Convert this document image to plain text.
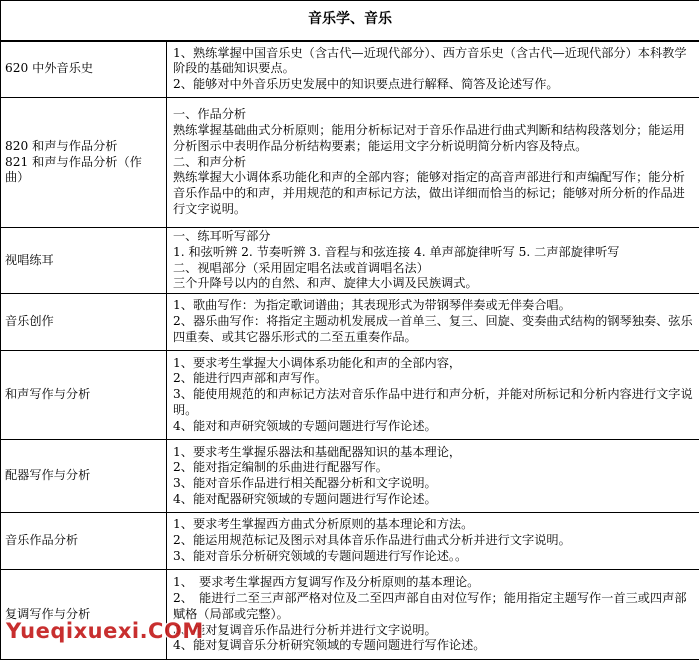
音乐学、音乐	

620 中外音乐史	1、熟练掌握中国音乐史（含古代—近现代部分）、西方音乐史（含古代—近现代部分）本科教学阶段的基础知识要点。
2、能够对中外音乐历史发展中的知识要点进行解释、简答及论述写作。

820 和声与作品分析
821 和声与作品分析（作曲）	一、作品分析
熟练掌握基础曲式分析原则；能用分析标记对于音乐作品进行曲式判断和结构段落划分；能运用分析图示中表明作品分析结构要素；能运用文字分析说明简分析内容及特点。
二、和声分析
熟练掌握大小调体系功能化和声的全部内容；能够对指定的高音声部进行和声编配写作；能分析音乐作品中的和声，并用规范的和声标记方法，做出详细而恰当的标记；能够对所分析的作品进行文字说明。

视唱练耳	一、练耳听写部分
1. 和弦听辨 2. 节奏听辨 3. 音程与和弦连接 4. 单声部旋律听写 5. 二声部旋律听写
二、视唱部分（采用固定唱名法或首调唱名法）
三个升降号以内的自然、和声、旋律大小调及民族调式。

音乐创作	1、歌曲写作：为指定歌词谱曲；其表现形式为带钢琴伴奏或无伴奏合唱。
2、器乐曲写作：将指定主题动机发展成一首单三、复三、回旋、变奏曲式结构的钢琴独奏、弦乐四重奏、或其它器乐形式的二至五重奏作品。

和声写作与分析	1、要求考生掌握大小调体系功能化和声的全部内容，
2、能进行四声部和声写作。
3、能使用规范的和声标记方法对音乐作品中进行和声分析，并能对所标记和分析内容进行文字说明。
4、能对和声研究领域的专题问题进行写作论述。

配器写作与分析	1、要求考生掌握乐器法和基础配器知识的基本理论，
2、能对指定编制的乐曲进行配器写作。
3、能对音乐作品进行相关配器分析和文字说明。
4、能对配器研究领域的专题问题进行写作论述。

音乐作品分析	1、要求考生掌握西方曲式分析原则的基本理论和方法。
2、能运用规范标记及图示对具体音乐作品进行曲式分析并进行文字说明。
3、能对音乐分析研究领域的专题问题进行写作论述。。

复调写作与分析	1、　要求考生掌握西方复调写作及分析原则的基本理论。
2、　能进行二至三声部严格对位及二至四声部自由对位写作；能用指定主题写作一首三或四声部赋格（局部或完整）。
3、能对复调音乐作品进行分析并进行文字说明。
4、能对复调音乐分析研究领域的专题问题进行写作论述。
Yueqixuexi.COM
